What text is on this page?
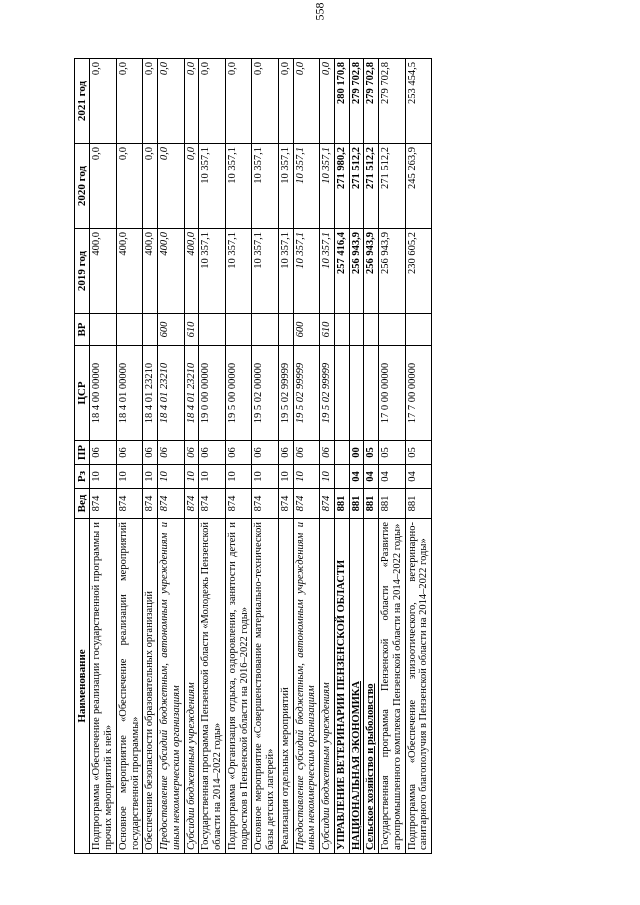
558
Наименование	Вед	Рз	ПР	ЦСР	ВР	2019 год	2020 год	2021 год
Подпрограмма «Обеспечение реализации государственной программы и прочих мероприятий к ней»	874	10	06	18 4 00 00000		400,0	0,0	0,0
Основное мероприятие «Обеспечение реализации мероприятий государственной программы»	874	10	06	18 4 01 00000		400,0	0,0	0,0
Обеспечение безопасности образовательных организаций	874	10	06	18 4 01 23210		400,0	0,0	0,0
Предоставление субсидий бюджетным, автономным учреждениям и иным некоммерческим организациям	874	10	06	18 4 01 23210	600	400,0	0,0	0,0
Субсидии бюджетным учреждениям	874	10	06	18 4 01 23210	610	400,0	0,0	0,0
Государственная программа Пензенской области «Молодежь Пензенской области на 2014–2022 годы»	874	10	06	19 0 00 00000		10 357,1	10 357,1	0,0
Подпрограмма «Организация отдыха, оздоровления, занятости детей и подростков в Пензенской области на 2016–2022 годы»	874	10	06	19 5 00 00000		10 357,1	10 357,1	0,0
Основное мероприятие «Совершенствование материально-технической базы детских лагерей»	874	10	06	19 5 02 00000		10 357,1	10 357,1	0,0
Реализация отдельных мероприятий	874	10	06	19 5 02 99999		10 357,1	10 357,1	0,0
Предоставление субсидий бюджетным, автономным учреждениям и иным некоммерческим организациям	874	10	06	19 5 02 99999	600	10 357,1	10 357,1	0,0
Субсидии бюджетным учреждениям	874	10	06	19 5 02 99999	610	10 357,1	10 357,1	0,0
УПРАВЛЕНИЕ ВЕТЕРИНАРИИ ПЕНЗЕНСКОЙ ОБЛАСТИ	881					257 416,4	271 980,2	280 170,8
НАЦИОНАЛЬНАЯ ЭКОНОМИКА	881	04	00			256 943,9	271 512,2	279 702,8
Сельское хозяйство и рыболовство	881	04	05			256 943,9	271 512,2	279 702,8
Государственная программа Пензенской области «Развитие агропромышленного комплекса Пензенской области на 2014–2022 годы»	881	04	05	17 0 00 00000		256 943,9	271 512,2	279 702,8
Подпрограмма «Обеспечение эпизоотического, ветеринарно-санитарного благополучия в Пензенской области на 2014–2022 годы»	881	04	05	17 7 00 00000		230 605,2	245 263,9	253 454,5
